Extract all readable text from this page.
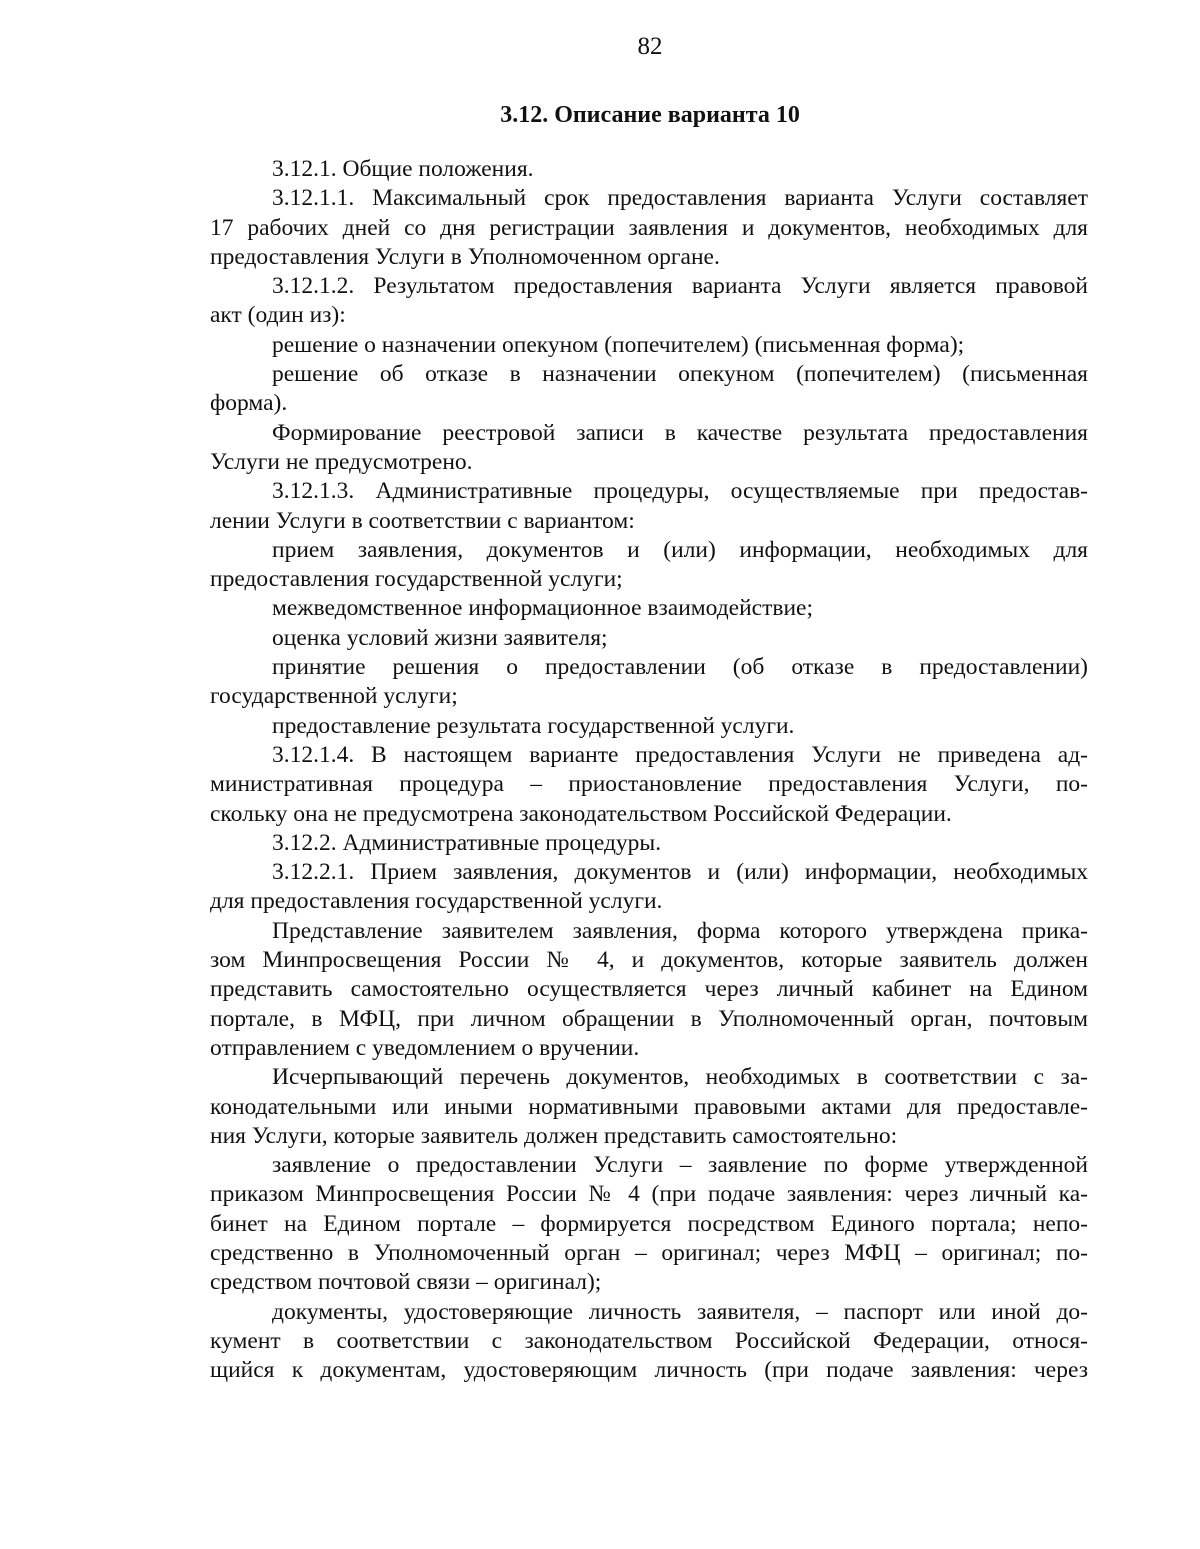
82
3.12. Описание варианта 10
3.12.1. Общие положения.
3.12.1.1. Максимальный срок предоставления варианта Услуги составляет
17 рабочих дней со дня регистрации заявления и документов, необходимых для
предоставления Услуги в Уполномоченном органе.
3.12.1.2. Результатом предоставления варианта Услуги является правовой
акт (один из):
решение о назначении опекуном (попечителем) (письменная форма);
решение об отказе в назначении опекуном (попечителем) (письменная
форма).
Формирование реестровой записи в качестве результата предоставления
Услуги не предусмотрено.
3.12.1.3. Административные процедуры, осуществляемые при предостав-
лении Услуги в соответствии с вариантом:
прием заявления, документов и (или) информации, необходимых для
предоставления государственной услуги;
межведомственное информационное взаимодействие;
оценка условий жизни заявителя;
принятие решения о предоставлении (об отказе в предоставлении)
государственной услуги;
предоставление результата государственной услуги.
3.12.1.4. В настоящем варианте предоставления Услуги не приведена ад-
министративная процедура – приостановление предоставления Услуги, по-
скольку она не предусмотрена законодательством Российской Федерации.
3.12.2. Административные процедуры.
3.12.2.1. Прием заявления, документов и (или) информации, необходимых
для предоставления государственной услуги.
Представление заявителем заявления, форма которого утверждена прика-
зом Минпросвещения России № 4, и документов, которые заявитель должен
представить самостоятельно осуществляется через личный кабинет на Едином
портале, в МФЦ, при личном обращении в Уполномоченный орган, почтовым
отправлением с уведомлением о вручении.
Исчерпывающий перечень документов, необходимых в соответствии с за-
конодательными или иными нормативными правовыми актами для предоставле-
ния Услуги, которые заявитель должен представить самостоятельно:
заявление о предоставлении Услуги – заявление по форме утвержденной
приказом Минпросвещения России № 4 (при подаче заявления: через личный ка-
бинет на Едином портале – формируется посредством Единого портала; непо-
средственно в Уполномоченный орган – оригинал; через МФЦ – оригинал; по-
средством почтовой связи – оригинал);
документы, удостоверяющие личность заявителя, – паспорт или иной до-
кумент в соответствии с законодательством Российской Федерации, относя-
щийся к документам, удостоверяющим личность (при подаче заявления: через
